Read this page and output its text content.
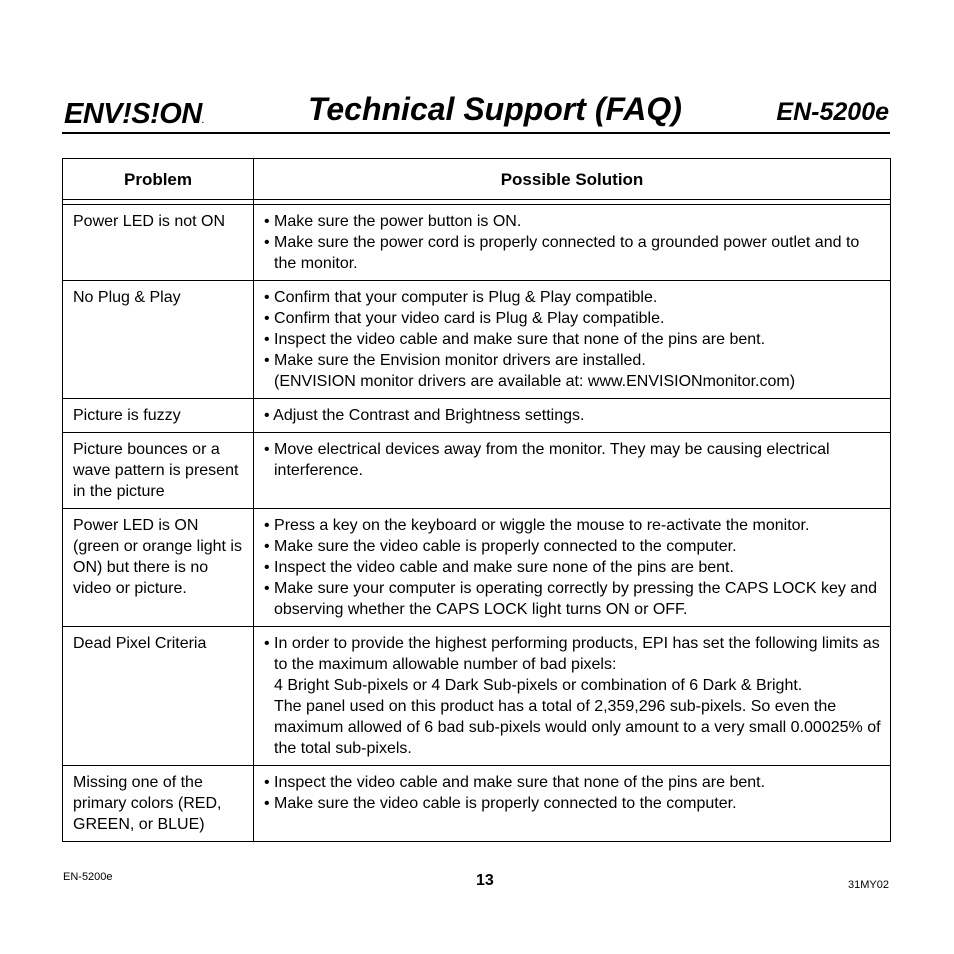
ENV!S!ON.	Technical Support (FAQ)	EN-5200e
Problem	Possible Solution

Power LED is not ON	• Make sure the power button is ON.
• Make sure the power cord is properly connected to a grounded power outlet and to the monitor.

No Plug & Play	• Confirm that your computer is Plug & Play compatible.
• Confirm that your video card is Plug & Play compatible.
• Inspect the video cable and make sure that none of the pins are bent.
• Make sure the Envision monitor drivers are installed.
(ENVISION monitor drivers are available at: www.ENVISIONmonitor.com)

Picture is fuzzy	• Adjust the Contrast and Brightness settings.

Picture bounces or a wave pattern is present in the picture	• Move electrical devices away from the monitor. They may be causing electrical interference.

Power LED is ON (green or orange light is ON) but there is no video or picture.	• Press a key on the keyboard or wiggle the mouse to re-activate the monitor.
• Make sure the video cable is properly connected to the computer.
• Inspect the video cable and make sure none of the pins are bent.
• Make sure your computer is operating correctly by pressing the CAPS LOCK key and observing whether the CAPS LOCK light turns ON or OFF.

Dead Pixel Criteria	• In order to provide the highest performing products, EPI has set the following limits as to the maximum allowable number of bad pixels:
4 Bright Sub-pixels or 4 Dark Sub-pixels or combination of 6 Dark & Bright.
The panel used on this product has a total of 2,359,296 sub-pixels. So even the maximum allowed of 6 bad sub-pixels would only amount to a very small 0.00025% of the total sub-pixels.

Missing one of the primary colors (RED, GREEN, or BLUE)	• Inspect the video cable and make sure that none of the pins are bent.
• Make sure the video cable is properly connected to the computer.
EN-5200e	13	31MY02
